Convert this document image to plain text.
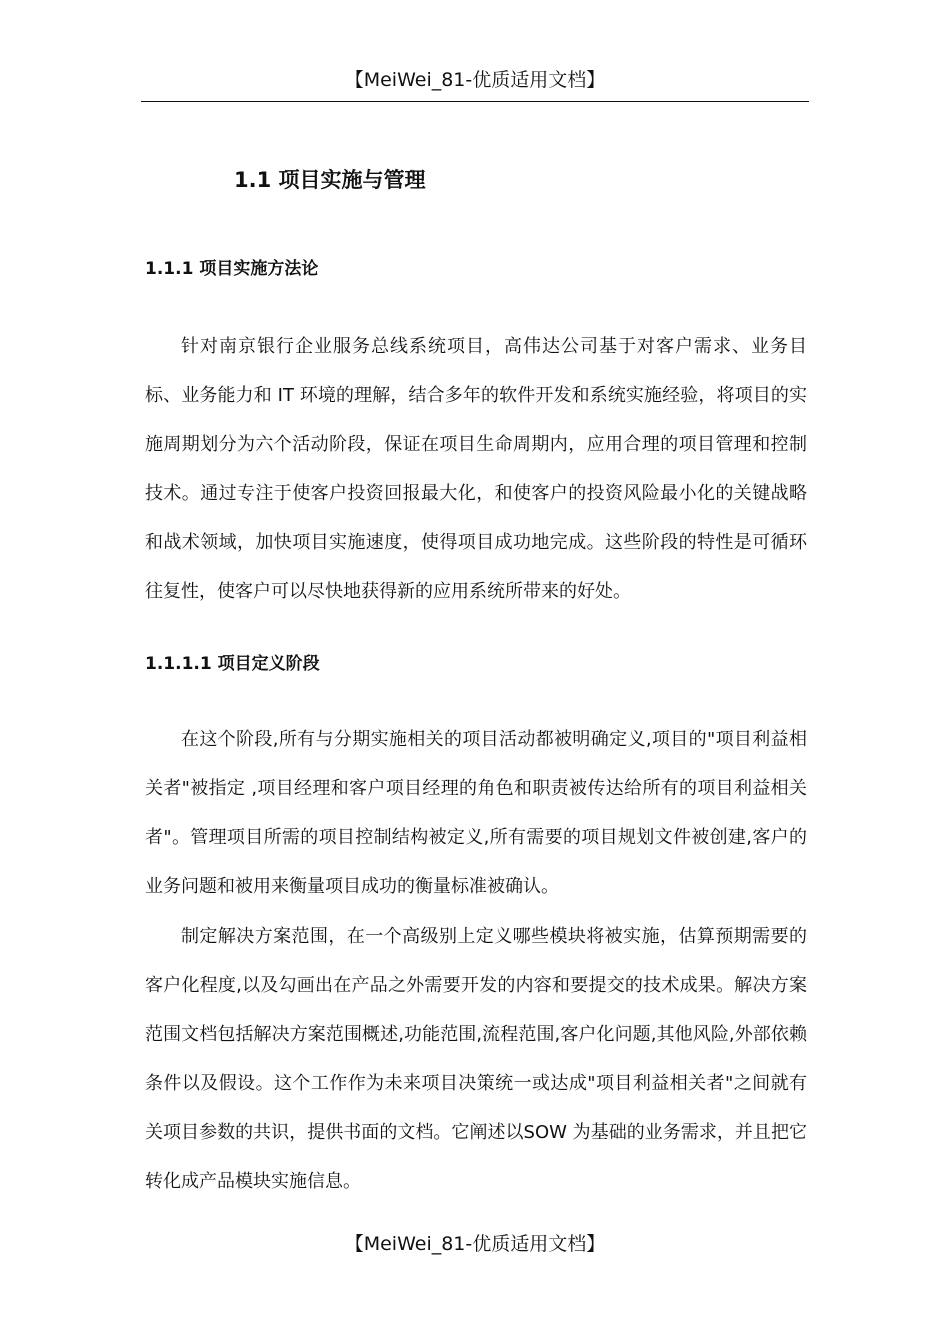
【MeiWei_81-优质适用文档】
1.1 项目实施与管理
1.1.1 项目实施方法论

针对南京银行企业服务总线系统项目，高伟达公司基于对客户需求、业务目标、业务能力和 IT 环境的理解，结合多年的软件开发和系统实施经验，将项目的实施周期划分为六个活动阶段，保证在项目生命周期内，应用合理的项目管理和控制技术。通过专注于使客户投资回报最大化，和使客户的投资风险最小化的关键战略和战术领域，加快项目实施速度，使得项目成功地完成。这些阶段的特性是可循环往复性，使客户可以尽快地获得新的应用系统所带来的好处。

1.1.1.1 项目定义阶段

在这个阶段,所有与分期实施相关的项目活动都被明确定义,项目的"项目利益相关者"被指定 ,项目经理和客户项目经理的角色和职责被传达给所有的项目利益相关者"。管理项目所需的项目控制结构被定义,所有需要的项目规划文件被创建,客户的业务问题和被用来衡量项目成功的衡量标准被确认。

制定解决方案范围，在一个高级别上定义哪些模块将被实施，估算预期需要的客户化程度,以及勾画出在产品之外需要开发的内容和要提交的技术成果。解决方案范围文档包括解决方案范围概述,功能范围,流程范围,客户化问题,其他风险,外部依赖条件以及假设。这个工作作为未来项目决策统一或达成"项目利益相关者"之间就有关项目参数的共识，提供书面的文档。它阐述以SOW 为基础的业务需求，并且把它转化成产品模块实施信息。

【MeiWei_81-优质适用文档】
